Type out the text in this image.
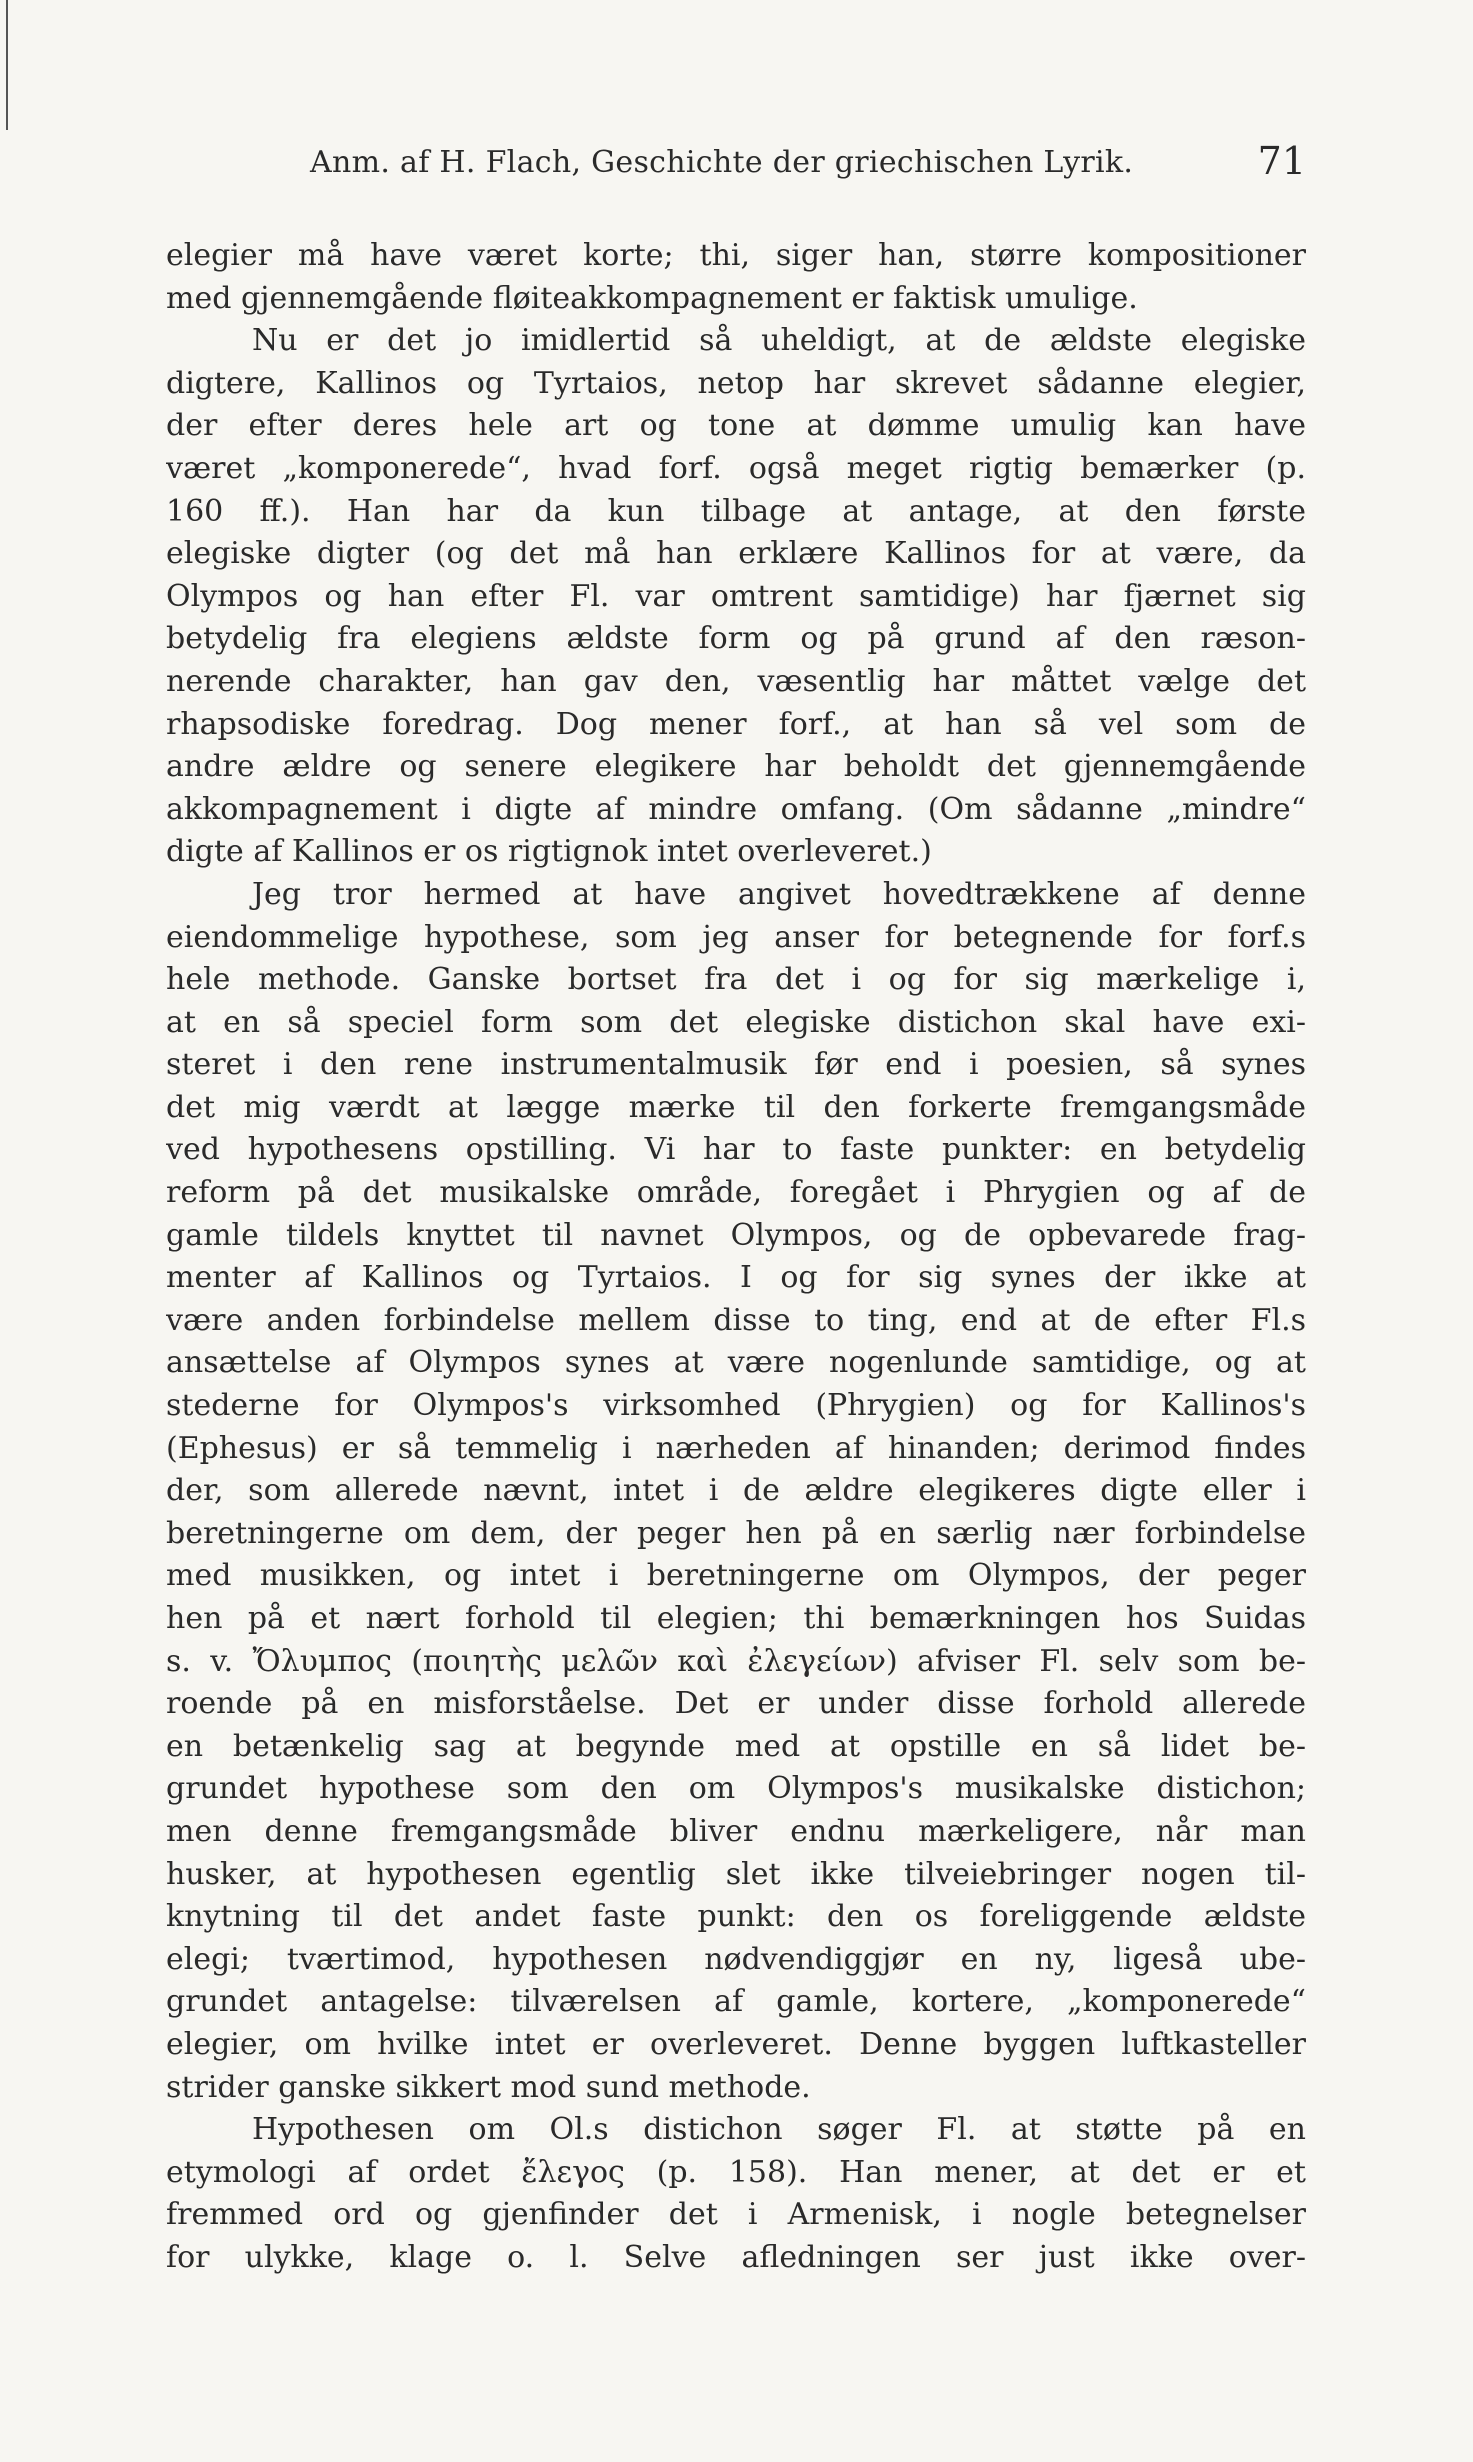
Anm. af H. Flach, Geschichte der griechischen Lyrik.	71
elegier må have været korte; thi, siger han, større kompositioner
med gjennemgående fløiteakkompagnement er faktisk umulige.
Nu er det jo imidlertid så uheldigt, at de ældste elegiske
digtere, Kallinos og Tyrtaios, netop har skrevet sådanne elegier,
der efter deres hele art og tone at dømme umulig kan have
været „komponerede“, hvad forf. også meget rigtig bemærker (p.
160 ff.). Han har da kun tilbage at antage, at den første
elegiske digter (og det må han erklære Kallinos for at være, da
Olympos og han efter Fl. var omtrent samtidige) har fjærnet sig
betydelig fra elegiens ældste form og på grund af den ræson-
nerende charakter, han gav den, væsentlig har måttet vælge det
rhapsodiske foredrag. Dog mener forf., at han så vel som de
andre ældre og senere elegikere har beholdt det gjennemgående
akkompagnement i digte af mindre omfang. (Om sådanne „mindre“
digte af Kallinos er os rigtignok intet overleveret.)
Jeg tror hermed at have angivet hovedtrækkene af denne
eiendommelige hypothese, som jeg anser for betegnende for forf.s
hele methode. Ganske bortset fra det i og for sig mærkelige i,
at en så speciel form som det elegiske distichon skal have exi-
steret i den rene instrumentalmusik før end i poesien, så synes
det mig værdt at lægge mærke til den forkerte fremgangsmåde
ved hypothesens opstilling. Vi har to faste punkter: en betydelig
reform på det musikalske område, foregået i Phrygien og af de
gamle tildels knyttet til navnet Olympos, og de opbevarede frag-
menter af Kallinos og Tyrtaios. I og for sig synes der ikke at
være anden forbindelse mellem disse to ting, end at de efter Fl.s
ansættelse af Olympos synes at være nogenlunde samtidige, og at
stederne for Olympos's virksomhed (Phrygien) og for Kallinos's
(Ephesus) er så temmelig i nærheden af hinanden; derimod findes
der, som allerede nævnt, intet i de ældre elegikeres digte eller i
beretningerne om dem, der peger hen på en særlig nær forbindelse
med musikken, og intet i beretningerne om Olympos, der peger
hen på et nært forhold til elegien; thi bemærkningen hos Suidas
s. v. Ὄλυμπος (ποιητὴς μελῶν καὶ ἐλεγείων) afviser Fl. selv som be-
roende på en misforståelse. Det er under disse forhold allerede
en betænkelig sag at begynde med at opstille en så lidet be-
grundet hypothese som den om Olympos's musikalske distichon;
men denne fremgangsmåde bliver endnu mærkeligere, når man
husker, at hypothesen egentlig slet ikke tilveiebringer nogen til-
knytning til det andet faste punkt: den os foreliggende ældste
elegi; tværtimod, hypothesen nødvendiggjør en ny, ligeså ube-
grundet antagelse: tilværelsen af gamle, kortere, „komponerede“
elegier, om hvilke intet er overleveret. Denne byggen luftkasteller
strider ganske sikkert mod sund methode.
Hypothesen om Ol.s distichon søger Fl. at støtte på en
etymologi af ordet ἔλεγος (p. 158). Han mener, at det er et
fremmed ord og gjenfinder det i Armenisk, i nogle betegnelser
for ulykke, klage o. l. Selve afledningen ser just ikke over-
